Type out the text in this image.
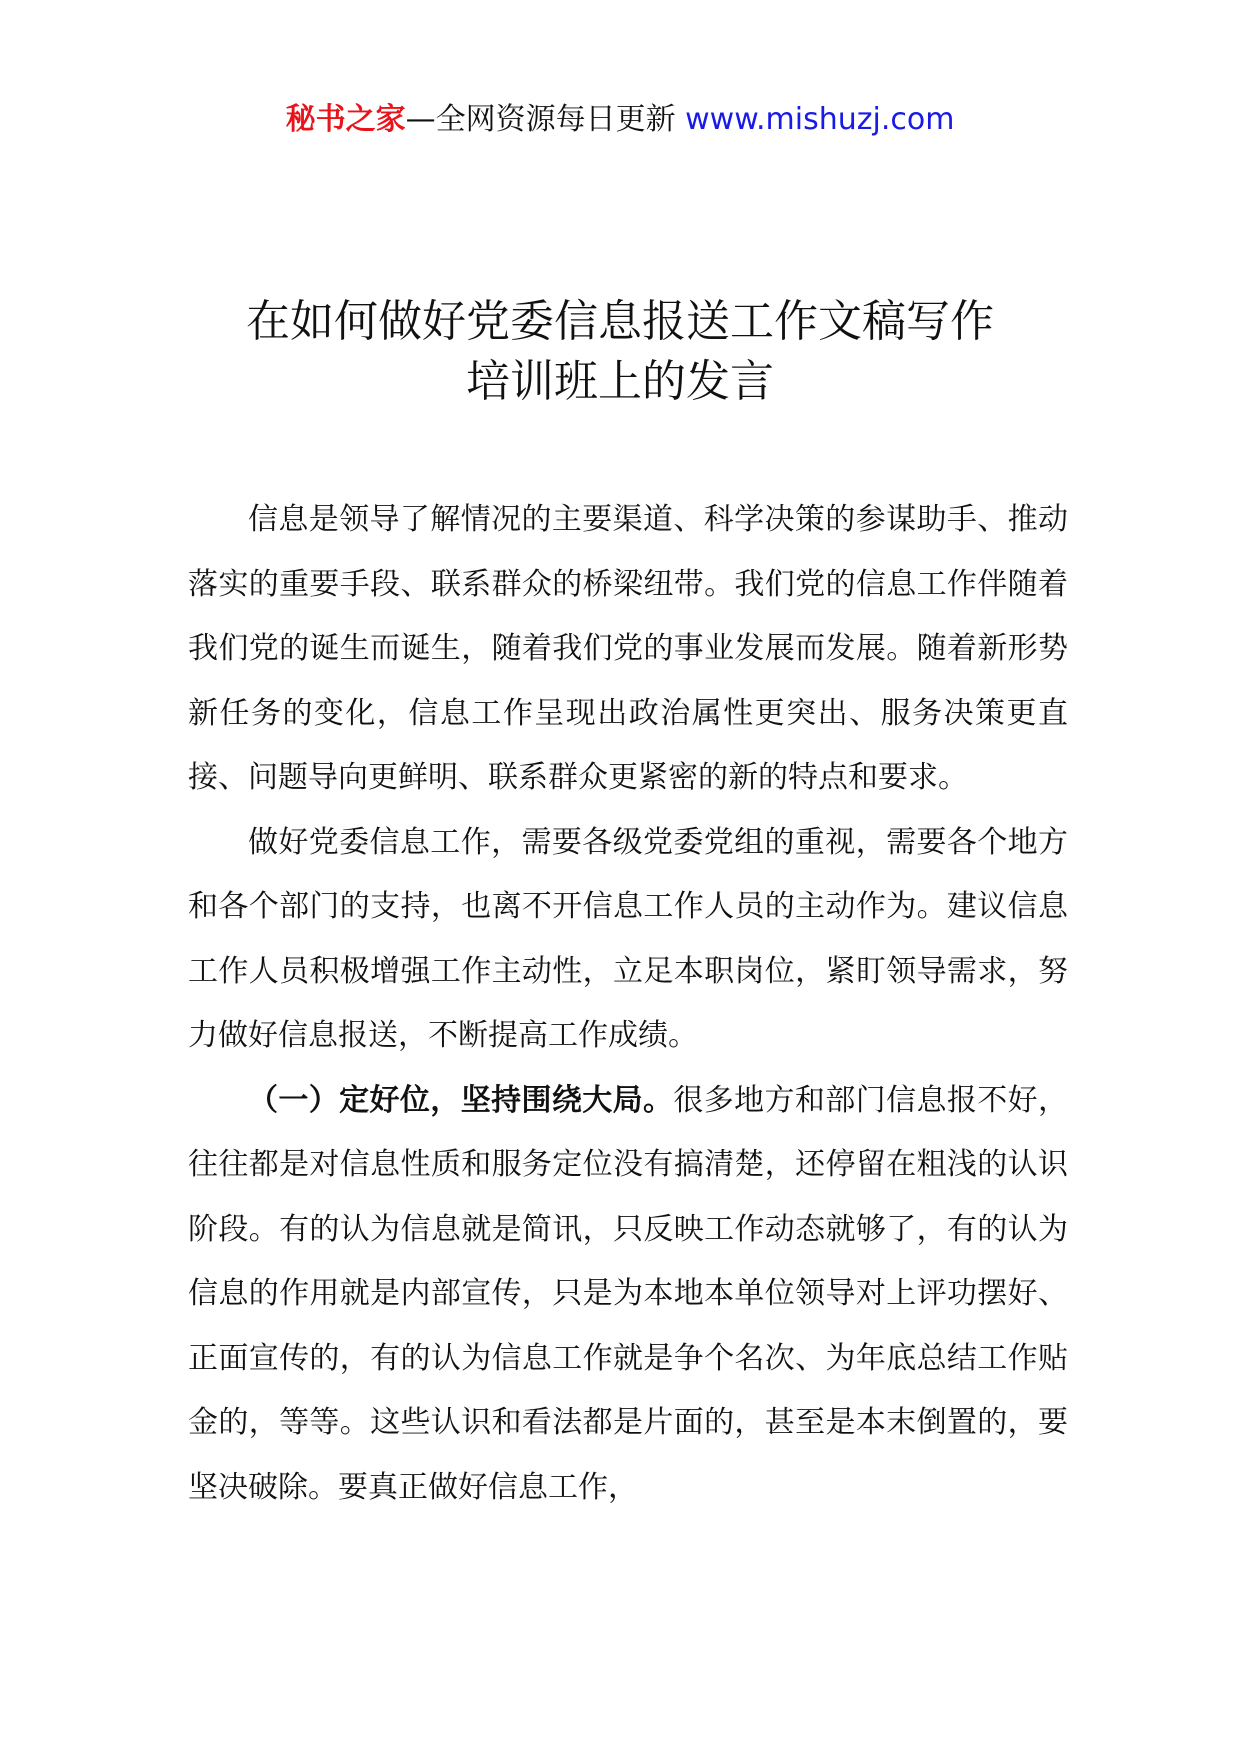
秘书之家—全网资源每日更新 www.mishuzj.com
在如何做好党委信息报送工作文稿写作
培训班上的发言

信息是领导了解情况的主要渠道、科学决策的参谋助手、推动落实的重要手段、联系群众的桥梁纽带。我们党的信息工作伴随着我们党的诞生而诞生，随着我们党的事业发展而发展。随着新形势新任务的变化，信息工作呈现出政治属性更突出、服务决策更直接、问题导向更鲜明、联系群众更紧密的新的特点和要求。

做好党委信息工作，需要各级党委党组的重视，需要各个地方和各个部门的支持，也离不开信息工作人员的主动作为。建议信息工作人员积极增强工作主动性，立足本职岗位，紧盯领导需求，努力做好信息报送，不断提高工作成绩。

（一）定好位，坚持围绕大局。很多地方和部门信息报不好，往往都是对信息性质和服务定位没有搞清楚，还停留在粗浅的认识阶段。有的认为信息就是简讯，只反映工作动态就够了，有的认为信息的作用就是内部宣传，只是为本地本单位领导对上评功摆好、正面宣传的，有的认为信息工作就是争个名次、为年底总结工作贴金的，等等。这些认识和看法都是片面的，甚至是本末倒置的，要坚决破除。要真正做好信息工作，
